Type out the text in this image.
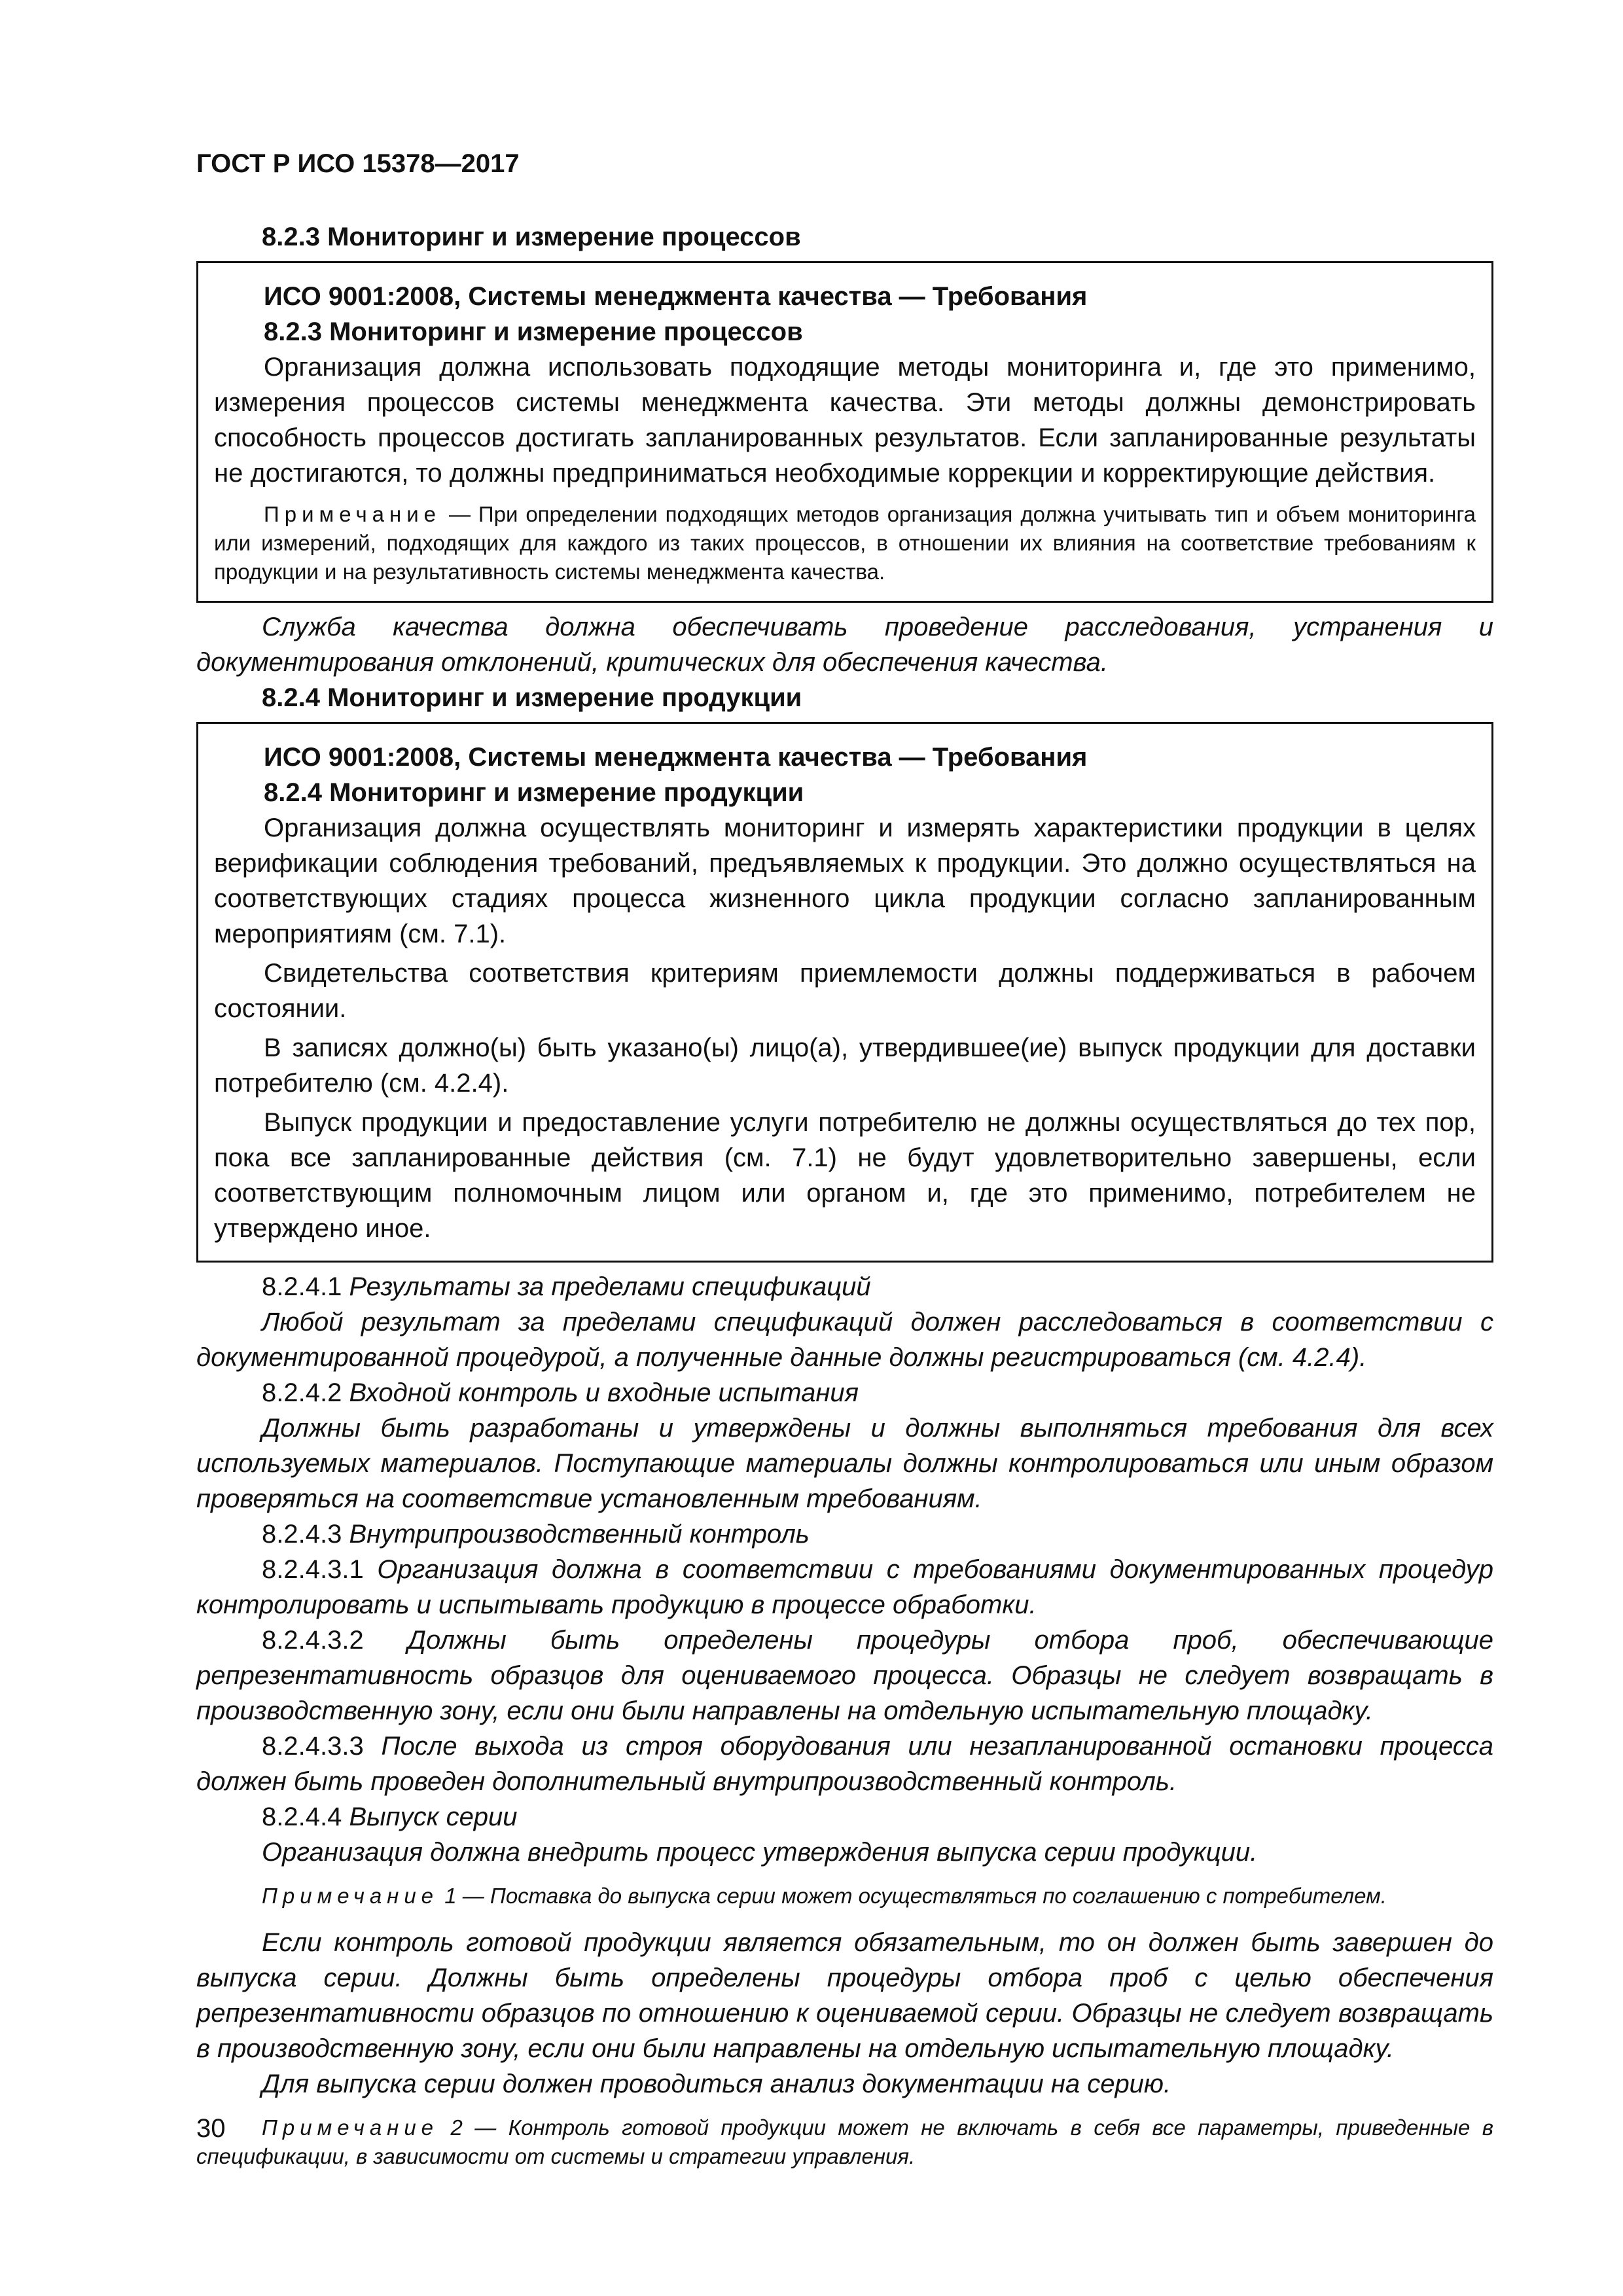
ГОСТ Р ИСО 15378—2017
8.2.3 Мониторинг и измерение процессов

ИСО 9001:2008, Системы менеджмента качества — Требования

8.2.3 Мониторинг и измерение процессов

Организация должна использовать подходящие методы мониторинга и, где это применимо, измерения процессов системы менеджмента качества. Эти методы должны демонстрировать способность процессов достигать запланированных результатов. Если запланированные результаты не достигаются, то должны предприниматься необходимые коррекции и корректирующие действия.

Примечание — При определении подходящих методов организация должна учитывать тип и объем мониторинга или измерений, подходящих для каждого из таких процессов, в отношении их влияния на соответствие требованиям к продукции и на результативность системы менеджмента качества.

Служба качества должна обеспечивать проведение расследования, устранения и документирования отклонений, критических для обеспечения качества.

8.2.4 Мониторинг и измерение продукции

ИСО 9001:2008, Системы менеджмента качества — Требования

8.2.4 Мониторинг и измерение продукции

Организация должна осуществлять мониторинг и измерять характеристики продукции в целях верификации соблюдения требований, предъявляемых к продукции. Это должно осуществляться на соответствующих стадиях процесса жизненного цикла продукции согласно запланированным мероприятиям (см. 7.1).

Свидетельства соответствия критериям приемлемости должны поддерживаться в рабочем состоянии.

В записях должно(ы) быть указано(ы) лицо(а), утвердившее(ие) выпуск продукции для доставки потребителю (см. 4.2.4).

Выпуск продукции и предоставление услуги потребителю не должны осуществляться до тех пор, пока все запланированные действия (см. 7.1) не будут удовлетворительно завершены, если соответствующим полномочным лицом или органом и, где это применимо, потребителем не утверждено иное.

8.2.4.1 Результаты за пределами спецификаций

Любой результат за пределами спецификаций должен расследоваться в соответствии с документированной процедурой, а полученные данные должны регистрироваться (см. 4.2.4).

8.2.4.2 Входной контроль и входные испытания

Должны быть разработаны и утверждены и должны выполняться требования для всех используемых материалов. Поступающие материалы должны контролироваться или иным образом проверяться на соответствие установленным требованиям.

8.2.4.3 Внутрипроизводственный контроль

8.2.4.3.1 Организация должна в соответствии с требованиями документированных процедур контролировать и испытывать продукцию в процессе обработки.

8.2.4.3.2 Должны быть определены процедуры отбора проб, обеспечивающие репрезентативность образцов для оцениваемого процесса. Образцы не следует возвращать в производственную зону, если они были направлены на отдельную испытательную площадку.

8.2.4.3.3 После выхода из строя оборудования или незапланированной остановки процесса должен быть проведен дополнительный внутрипроизводственный контроль.

8.2.4.4 Выпуск серии

Организация должна внедрить процесс утверждения выпуска серии продукции.

Примечание 1 — Поставка до выпуска серии может осуществляться по соглашению с потребителем.

Если контроль готовой продукции является обязательным, то он должен быть завершен до выпуска серии. Должны быть определены процедуры отбора проб с целью обеспечения репрезентативности образцов по отношению к оцениваемой серии. Образцы не следует возвращать в производственную зону, если они были направлены на отдельную испытательную площадку.

Для выпуска серии должен проводиться анализ документации на серию.

Примечание 2 — Контроль готовой продукции может не включать в себя все параметры, приведенные в спецификации, в зависимости от системы и стратегии управления.
30
